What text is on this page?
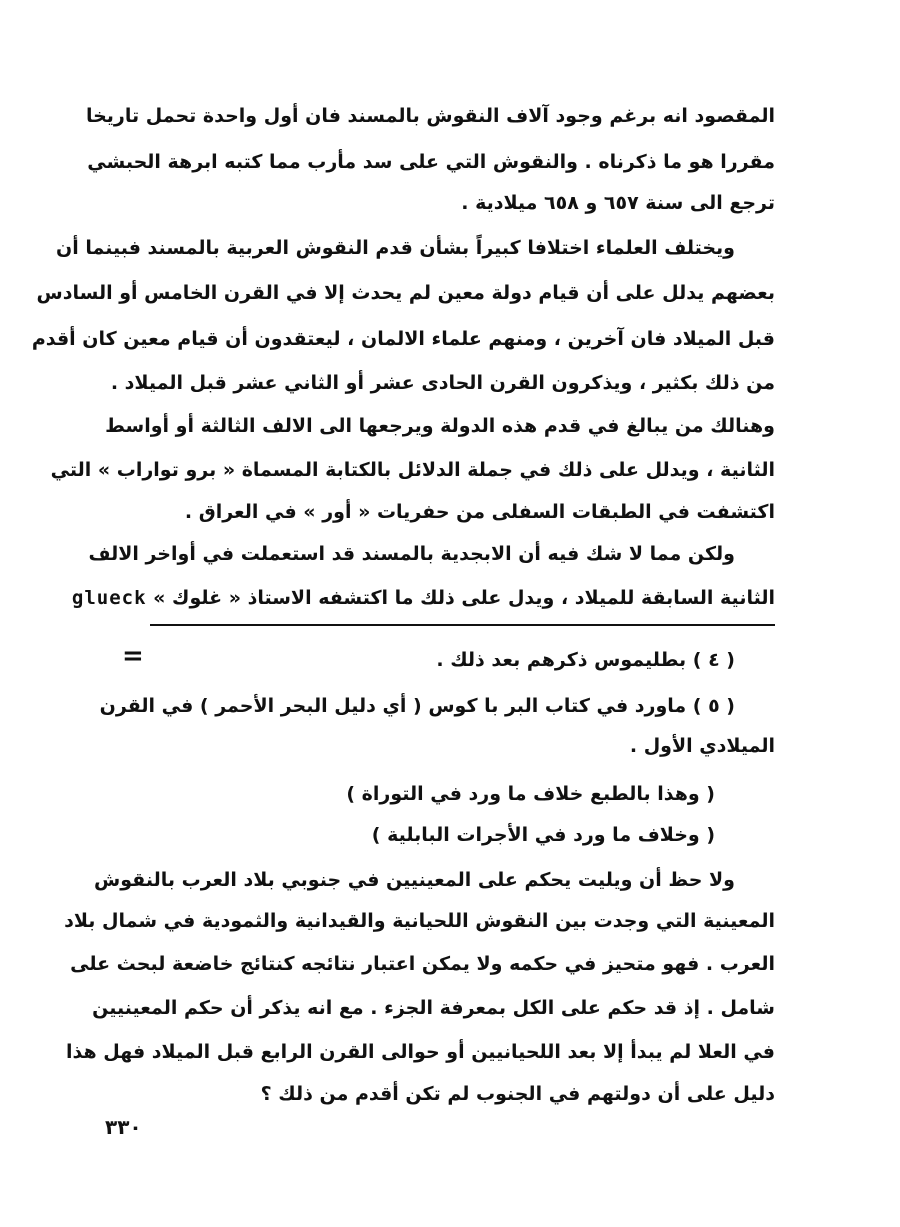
المقصود انه برغم وجود آلاف النقوش بالمسند فان أول واحدة تحمل تاريخا
مقررا هو ما ذكرناه . والنقوش التي على سد مأرب مما كتبه ابرهة الحبشي
ترجع الى سنة ٦٥٧ و ٦٥٨ ميلادية .
ويختلف العلماء اختلافا كبيراً بشأن قدم النقوش العربية بالمسند فبينما أن
بعضهم يدلل على أن قيام دولة معين لم يحدث إلا في القرن الخامس أو السادس
قبل الميلاد فان آخرين ، ومنهم علماء الالمان ، ليعتقدون أن قيام معين كان أقدم
من ذلك بكثير ، ويذكرون القرن الحادى عشر أو الثاني عشر قبل الميلاد .
وهنالك من يبالغ في قدم هذه الدولة ويرجعها الى الالف الثالثة أو أواسط
الثانية ، ويدلل على ذلك في جملة الدلائل بالكتابة المسماة « برو تواراب » التي
اكتشفت في الطبقات السفلى من حفريات « أور » في العراق .
ولكن مما لا شك فيه أن الابجدية بالمسند قد استعملت في أواخر الالف
الثانية السابقة للميلاد ، ويدل على ذلك ما اكتشفه الاستاذ « غلوك » glueck
=	( ٤ ) بطليموس ذكرهم بعد ذلك .
( ٥ ) ماورد في كتاب البر با كوس ( أي دليل البحر الأحمر ) في القرن
الميلادي الأول .
( وهذا بالطبع خلاف ما ورد في التوراة )
( وخلاف ما ورد في الأجرات البابلية )
ولا حظ أن ويليت يحكم على المعينيين في جنوبي بلاد العرب بالنقوش
المعينية التي وجدت بين النقوش اللحيانية والقيدانية والثمودية في شمال بلاد
العرب . فهو متحيز في حكمه ولا يمكن اعتبار نتائجه كنتائج خاضعة لبحث على
شامل . إذ قد حكم على الكل بمعرفة الجزء . مع انه يذكر أن حكم المعينيين
في العلا لم يبدأ إلا بعد اللحيانيين أو حوالى القرن الرابع قبل الميلاد فهل هذا
دليل على أن دولتهم في الجنوب لم تكن أقدم من ذلك ؟
٣٣٠
